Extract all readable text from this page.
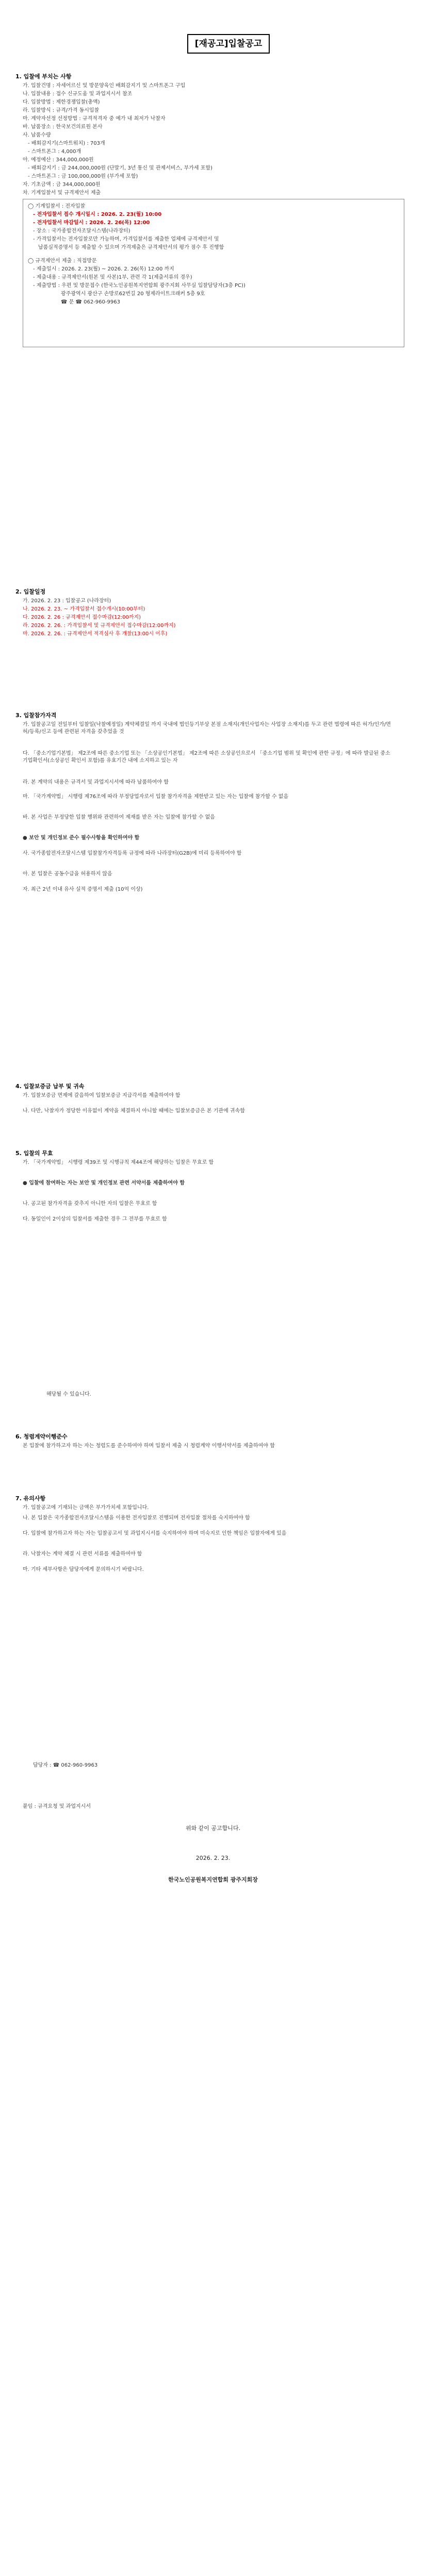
[재공고]입찰공고
1. 입찰에 부치는 사항
가. 입찰건명 : 자세어르신 및 방문양육인 배회감지기 및 스마트폰그 구입
나. 입찰내용 : 접수 신규도움 및 과업지시서 참조
다. 입찰방법 : 제한경쟁입찰(총액)
라. 입찰방식 : 규격/가격 동시입찰
마. 계약자선정 선정방법 : 규격적격자 중 예가 내 최저가 낙찰자
바. 납품장소 : 한국보건의료원 본사
사. 납품수량
- 배회감지기(스마트워치) : 703개
- 스마트폰그 : 4,000개
아. 예정예산 : 344,000,000원
- 배회감지기 : 금 244,000,000원 (단말기, 3년 통신 및 관제서비스, 부가세 포함)
- 스마트폰그 : 금 100,000,000원 (부가세 포함)
자. 기초금액 : 금 344,000,000원
차. 기계입찰서 및 규격제안서 제출
◯ 기계입찰서 : 전자입찰
- 전자입찰서 접수 개시일시 : 2026. 2. 23(월) 10:00
- 전자입찰서 마감일시 : 2026. 2. 26(목) 12:00
- 장소 : 국가종합전자조달시스템(나라장터)
- 가격입찰서는 전자입찰로만 가능하며, 가격입찰서를 제출한 업체에 규격제안서 및
납품실적증명서 등 제출할 수 있으며 가격제출은 규격제안서의 평가 점수 후 진행함
◯ 규격제안서 제출 : 직접방문
- 제출일시 : 2026. 2. 23(월) ~ 2026. 2. 26(목) 12:00 까지
- 제출내용 : 규격제안서(원본 및 사본)1부, 관련 각 1(제출서류의 경우)
- 제출방법 : 우편 및 방문접수 (한국노인공원복지연합회 광주지회 사무실 입찰담당자(3층 PC))
광주광역시 광산구 손방로62번길 20 형제라이트크래커 5층 9호
☎ 문 ☎ 062-960-9963
2. 입찰일정
가. 2026. 2. 23 : 입찰공고 (나라장터)
나. 2026. 2. 23. ~ 가격입찰서 접수개시(10:00부터)
다. 2026. 2. 26 : 규격제안서 접수마감(12:00까지)
라. 2026. 2. 26. : 가격입찰서 및 규격제안서 접수마감(12:00까지)
마. 2026. 2. 26. : 규격제안서 적격심사 후 개찰(13:00시 이후)
3. 입찰참가자격
가. 입찰공고일 전일부터 입찰일(낙찰예정일) 계약체결일 까지 국내에 법인등기부상 본점 소재지(개인사업자는 사업장 소재지)를 두고 관련 법령에 따른 허가/인가/면허/등록/신고 등에 관련된 자격을 갖추었을 것
다. 「중소기업기본법」 제2조에 따른 중소기업 또는 「소상공인기본법」 제2조에 따른 소상공인으로서 「중소기업 범위 및 확인에 관한 규정」에 따라 발급된 중소기업확인서(소상공인 확인서 포함)를 유효기간 내에 소지하고 있는 자
라. 본 계약의 내용은 규격서 및 과업지시서에 따라 납품하여야 함
마. 「국가계약법」 시행령 제76조에 따라 부정당업자로서 입찰 참가자격을 제한받고 있는 자는 입찰에 참가할 수 없음
바. 본 사업은 부정당한 입찰 행위와 관련하여 제재를 받은 자는 입찰에 참가할 수 없음
● 보안 및 개인정보 준수 필수사항을 확인하여야 함
사. 국가종합전자조달시스템 입찰참가자격등록 규정에 따라 나라장터(G2B)에 미리 등록하여야 함
아. 본 입찰은 공동수급을 허용하지 않음
자. 최근 2년 이내 유사 실적 증명서 제출 (10억 이상)
4. 입찰보증금 납부 및 귀속
가. 입찰보증금 면제에 갈음하여 입찰보증금 지급각서를 제출하여야 함
나. 다만, 낙찰자가 정당한 이유없이 계약을 체결하지 아니할 때에는 입찰보증금은 본 기관에 귀속함
5. 입찰의 무효
가. 「국가계약법」 시행령 제39조 및 시행규칙 제44조에 해당하는 입찰은 무효로 함
● 입찰에 참여하는 자는 보안 및 개인정보 관련 서약서를 제출하여야 함
나. 공고된 참가자격을 갖추지 아니한 자의 입찰은 무효로 함
다. 동일인이 2이상의 입찰서를 제출한 경우 그 전부를 무효로 함
해당될 수 있습니다.
6. 청렴계약이행준수
본 입찰에 참가하고자 하는 자는 청렴도를 준수하여야 하며 입찰서 제출 시 청렴계약 이행서약서를 제출하여야 함
7. 유의사항
가. 입찰공고에 기재되는 금액은 부가가치세 포함입니다.
나. 본 입찰은 국가종합전자조달시스템을 이용한 전자입찰로 진행되며 전자입찰 절차를 숙지하여야 함
다. 입찰에 참가하고자 하는 자는 입찰공고서 및 과업지시서를 숙지하여야 하며 미숙지로 인한 책임은 입찰자에게 있음
라. 낙찰자는 계약 체결 시 관련 서류를 제출하여야 함
마. 기타 세부사항은 담당자에게 문의하시기 바랍니다.
담당자 : ☎ 062-960-9963
붙임 : 규격요청 및 과업지시서
위와 같이 공고합니다.
2026. 2. 23.
한국노인공원복지연합회 광주지회장
